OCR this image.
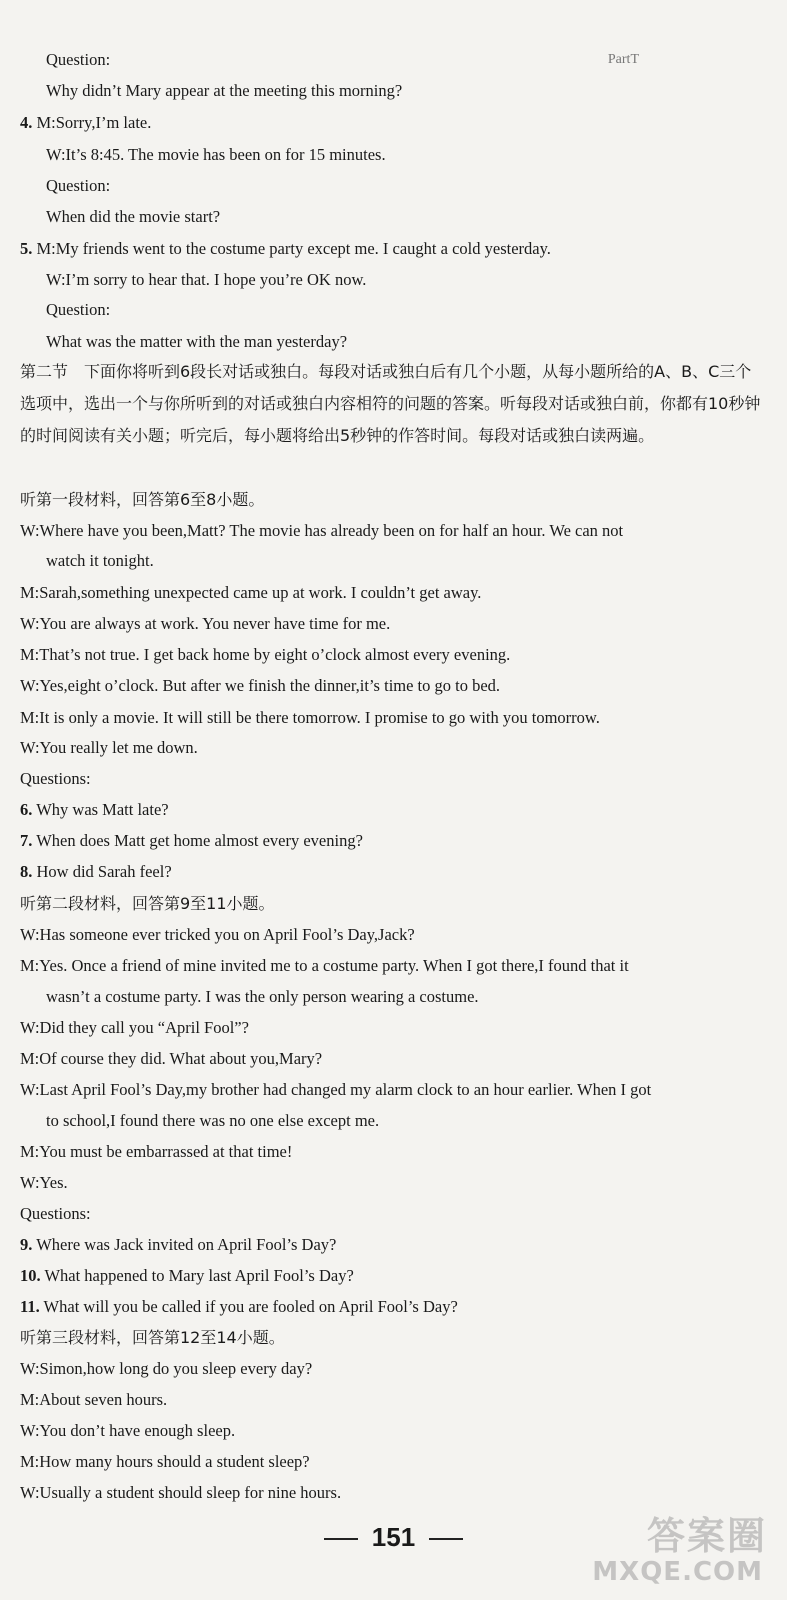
PartT
Question:
Why didn’t Mary appear at the meeting this morning?
4. M:Sorry,I’m late.
W:It’s 8:45. The movie has been on for 15 minutes.
Question:
When did the movie start?
5. M:My friends went to the costume party except me. I caught a cold yesterday.
W:I’m sorry to hear that. I hope you’re OK now.
Question:
What was the matter with the man yesterday?
第二节　下面你将听到6段长对话或独白。每段对话或独白后有几个小题，从每小题所给的A、B、C三个选项中，选出一个与你所听到的对话或独白内容相符的问题的答案。听每段对话或独白前，你都有10秒钟的时间阅读有关小题；听完后，每小题将给出5秒钟的作答时间。每段对话或独白读两遍。
听第一段材料，回答第6至8小题。
W:Where have you been,Matt? The movie has already been on for half an hour. We can not
watch it tonight.
M:Sarah,something unexpected came up at work. I couldn’t get away.
W:You are always at work. You never have time for me.
M:That’s not true. I get back home by eight o’clock almost every evening.
W:Yes,eight o’clock. But after we finish the dinner,it’s time to go to bed.
M:It is only a movie. It will still be there tomorrow. I promise to go with you tomorrow.
W:You really let me down.
Questions:
6. Why was Matt late?
7. When does Matt get home almost every evening?
8. How did Sarah feel?
听第二段材料，回答第9至11小题。
W:Has someone ever tricked you on April Fool’s Day,Jack?
M:Yes. Once a friend of mine invited me to a costume party. When I got there,I found that it
wasn’t a costume party. I was the only person wearing a costume.
W:Did they call you “April Fool”?
M:Of course they did. What about you,Mary?
W:Last April Fool’s Day,my brother had changed my alarm clock to an hour earlier. When I got
to school,I found there was no one else except me.
M:You must be embarrassed at that time!
W:Yes.
Questions:
9. Where was Jack invited on April Fool’s Day?
10. What happened to Mary last April Fool’s Day?
11. What will you be called if you are fooled on April Fool’s Day?
听第三段材料，回答第12至14小题。
W:Simon,how long do you sleep every day?
M:About seven hours.
W:You don’t have enough sleep.
M:How many hours should a student sleep?
W:Usually a student should sleep for nine hours.
151	答案圈
MXQE.COM
